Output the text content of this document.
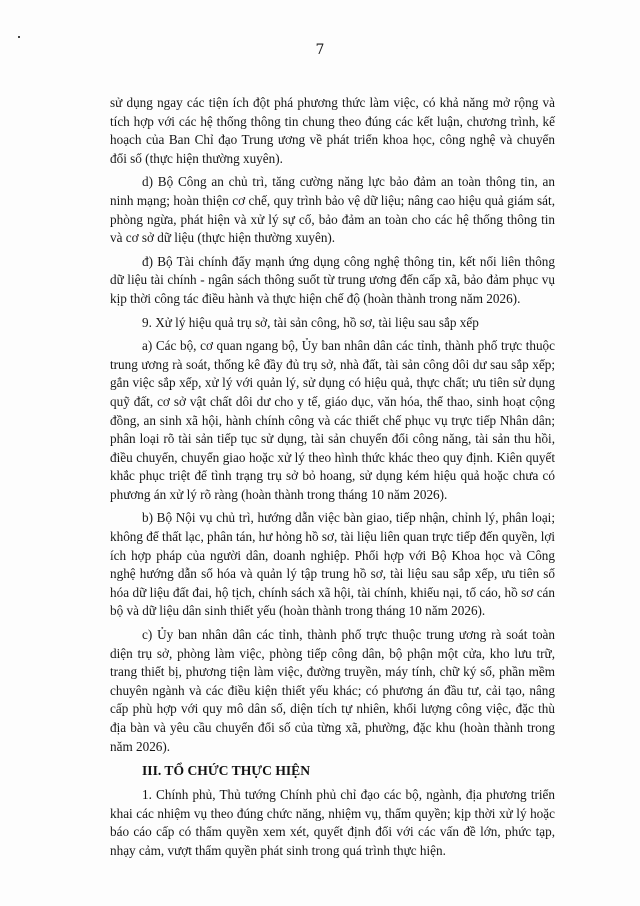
7

sử dụng ngay các tiện ích đột phá phương thức làm việc, có khả năng mở rộng và tích hợp với các hệ thống thông tin chung theo đúng các kết luận, chương trình, kế hoạch của Ban Chỉ đạo Trung ương về phát triển khoa học, công nghệ và chuyển đổi số (thực hiện thường xuyên).

d) Bộ Công an chủ trì, tăng cường năng lực bảo đảm an toàn thông tin, an ninh mạng; hoàn thiện cơ chế, quy trình bảo vệ dữ liệu; nâng cao hiệu quả giám sát, phòng ngừa, phát hiện và xử lý sự cố, bảo đảm an toàn cho các hệ thống thông tin và cơ sở dữ liệu (thực hiện thường xuyên).

đ) Bộ Tài chính đẩy mạnh ứng dụng công nghệ thông tin, kết nối liên thông dữ liệu tài chính - ngân sách thông suốt từ trung ương đến cấp xã, bảo đảm phục vụ kịp thời công tác điều hành và thực hiện chế độ (hoàn thành trong năm 2026).

9. Xử lý hiệu quả trụ sở, tài sản công, hồ sơ, tài liệu sau sắp xếp

a) Các bộ, cơ quan ngang bộ, Ủy ban nhân dân các tỉnh, thành phố trực thuộc trung ương rà soát, thống kê đầy đủ trụ sở, nhà đất, tài sản công dôi dư sau sắp xếp; gắn việc sắp xếp, xử lý với quản lý, sử dụng có hiệu quả, thực chất; ưu tiên sử dụng quỹ đất, cơ sở vật chất dôi dư cho y tế, giáo dục, văn hóa, thể thao, sinh hoạt cộng đồng, an sinh xã hội, hành chính công và các thiết chế phục vụ trực tiếp Nhân dân; phân loại rõ tài sản tiếp tục sử dụng, tài sản chuyển đổi công năng, tài sản thu hồi, điều chuyển, chuyển giao hoặc xử lý theo hình thức khác theo quy định. Kiên quyết khắc phục triệt để tình trạng trụ sở bỏ hoang, sử dụng kém hiệu quả hoặc chưa có phương án xử lý rõ ràng (hoàn thành trong tháng 10 năm 2026).

b) Bộ Nội vụ chủ trì, hướng dẫn việc bàn giao, tiếp nhận, chỉnh lý, phân loại; không để thất lạc, phân tán, hư hỏng hồ sơ, tài liệu liên quan trực tiếp đến quyền, lợi ích hợp pháp của người dân, doanh nghiệp. Phối hợp với Bộ Khoa học và Công nghệ hướng dẫn số hóa và quản lý tập trung hồ sơ, tài liệu sau sắp xếp, ưu tiên số hóa dữ liệu đất đai, hộ tịch, chính sách xã hội, tài chính, khiếu nại, tố cáo, hồ sơ cán bộ và dữ liệu dân sinh thiết yếu (hoàn thành trong tháng 10 năm 2026).

c) Ủy ban nhân dân các tỉnh, thành phố trực thuộc trung ương rà soát toàn diện trụ sở, phòng làm việc, phòng tiếp công dân, bộ phận một cửa, kho lưu trữ, trang thiết bị, phương tiện làm việc, đường truyền, máy tính, chữ ký số, phần mềm chuyên ngành và các điều kiện thiết yếu khác; có phương án đầu tư, cải tạo, nâng cấp phù hợp với quy mô dân số, diện tích tự nhiên, khối lượng công việc, đặc thù địa bàn và yêu cầu chuyển đổi số của từng xã, phường, đặc khu (hoàn thành trong năm 2026).

III. TỔ CHỨC THỰC HIỆN

1. Chính phủ, Thủ tướng Chính phủ chỉ đạo các bộ, ngành, địa phương triển khai các nhiệm vụ theo đúng chức năng, nhiệm vụ, thẩm quyền; kịp thời xử lý hoặc báo cáo cấp có thẩm quyền xem xét, quyết định đối với các vấn đề lớn, phức tạp, nhạy cảm, vượt thẩm quyền phát sinh trong quá trình thực hiện.
